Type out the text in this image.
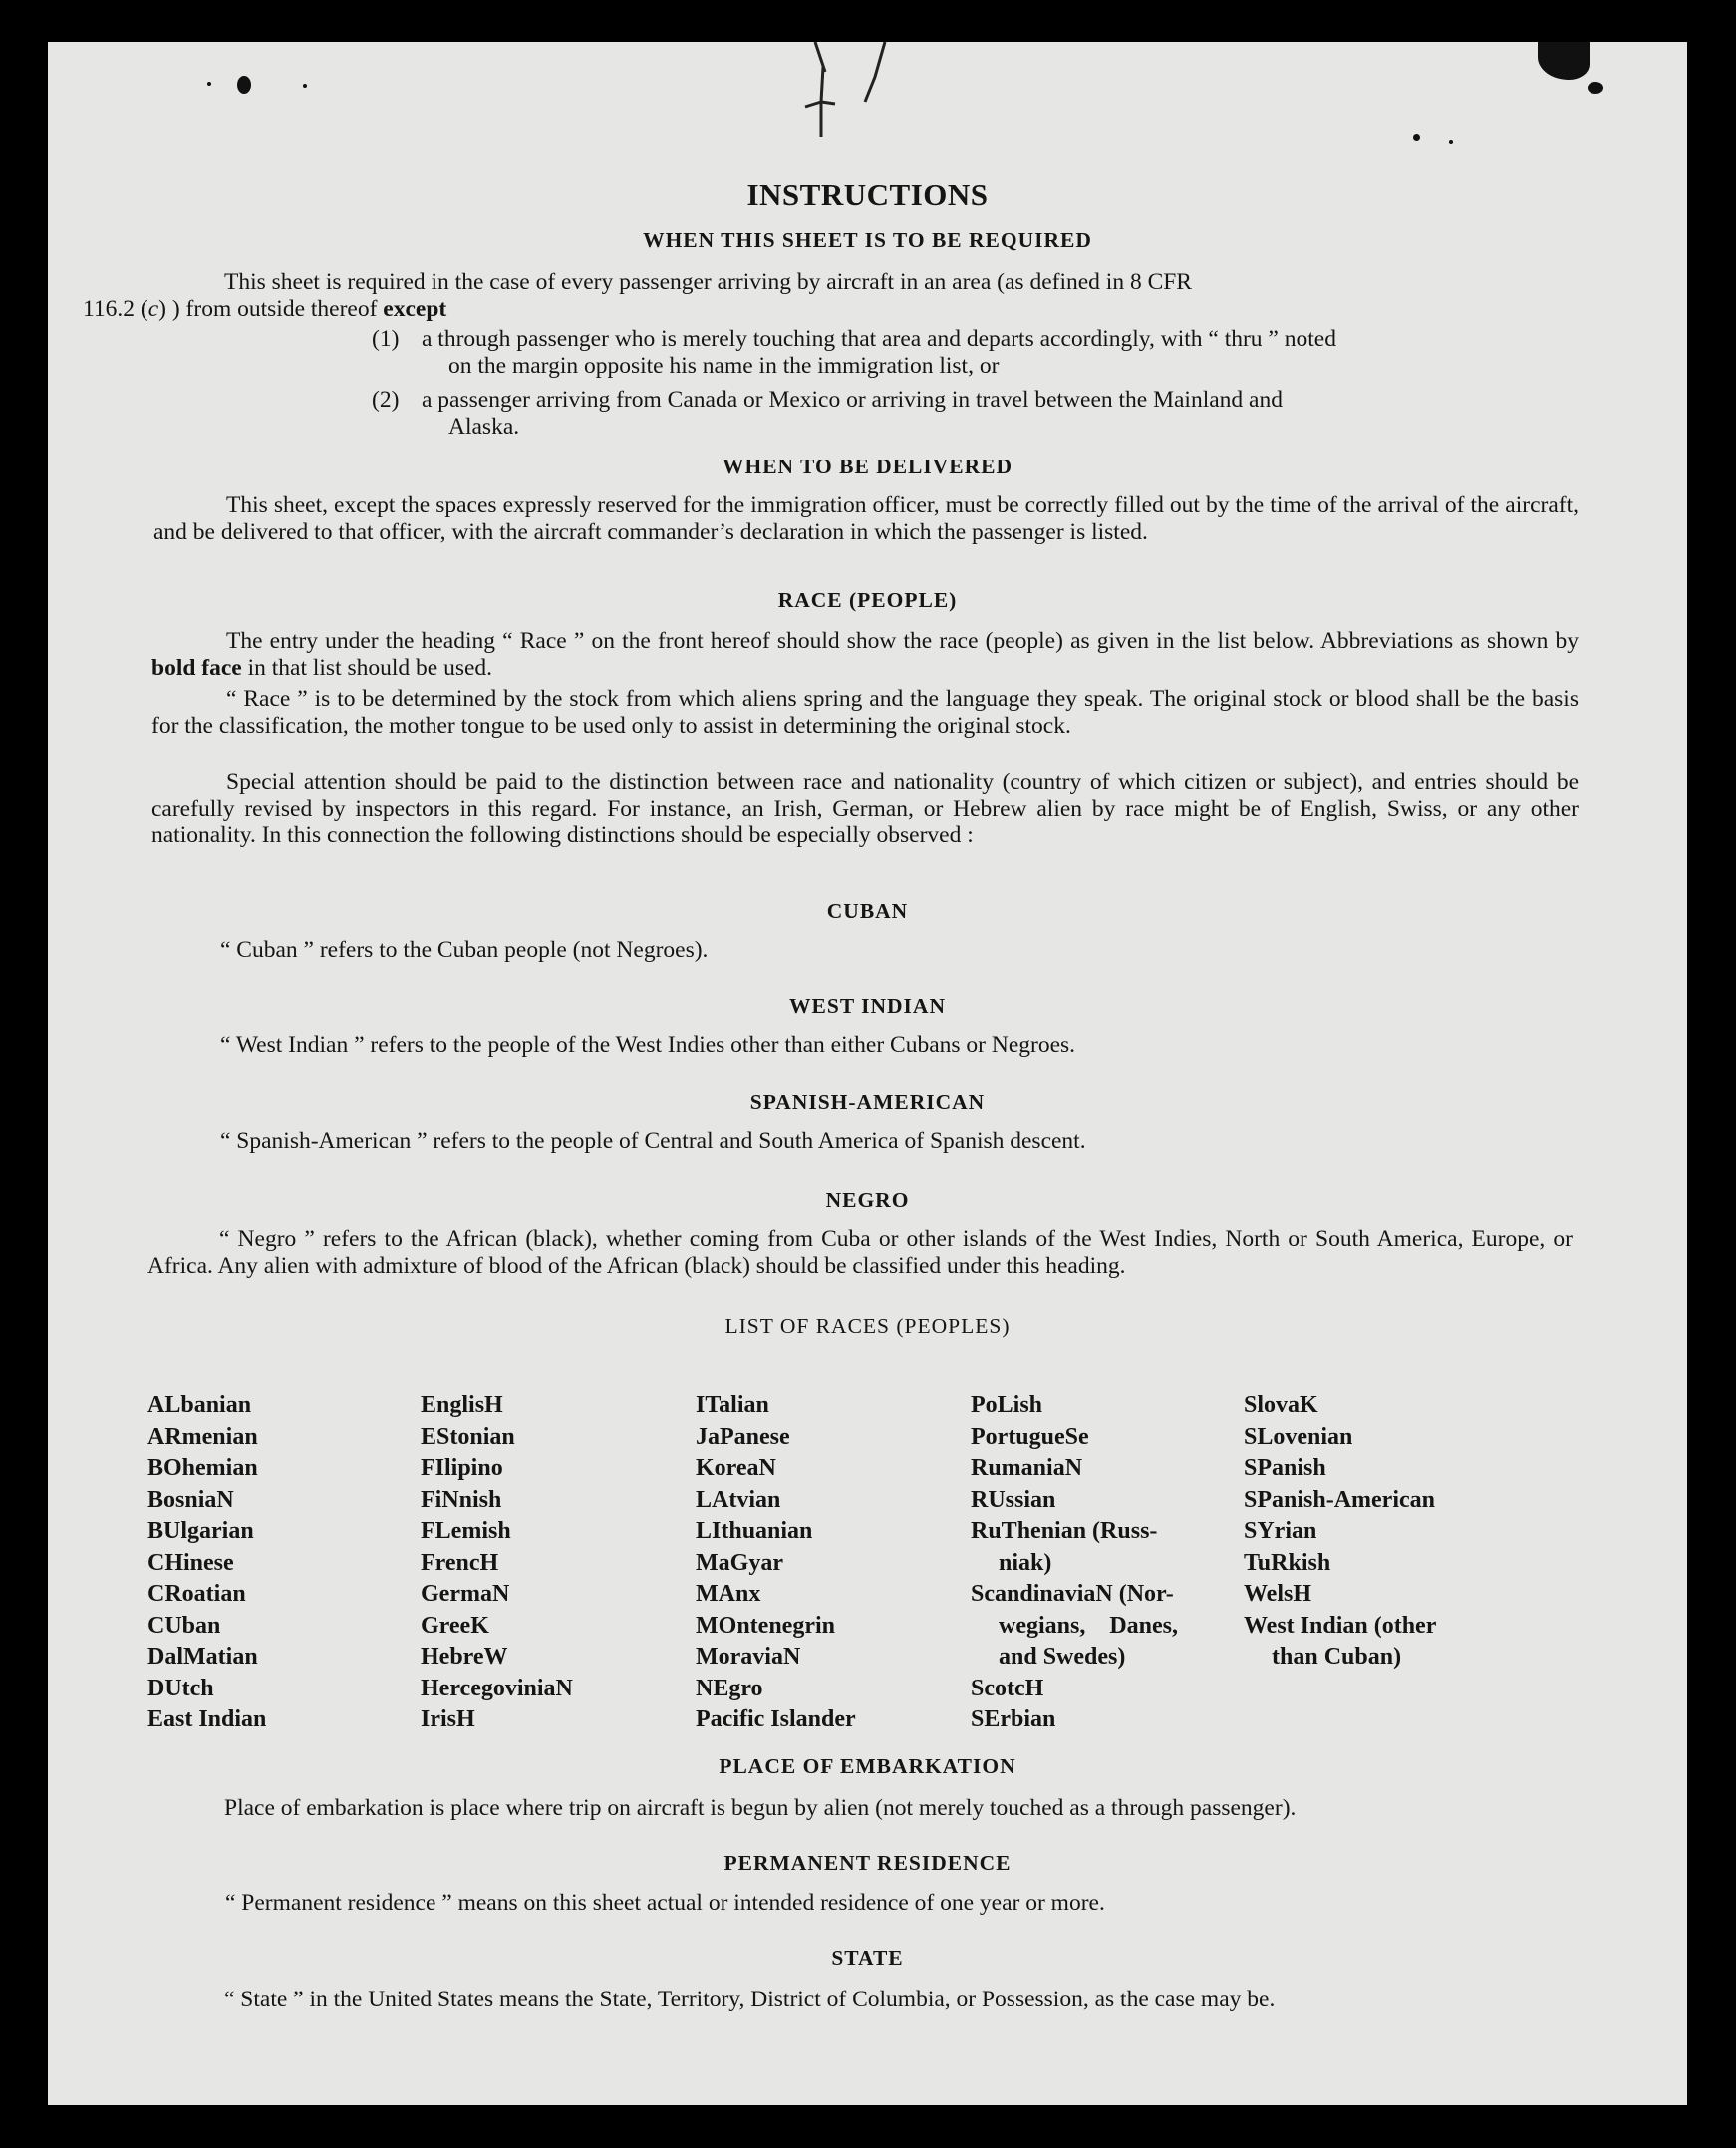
INSTRUCTIONS
WHEN THIS SHEET IS TO BE REQUIRED
This sheet is required in the case of every passenger arriving by aircraft in an area (as defined in 8 CFR
116.2 (c) ) from outside thereof except
(1) a through passenger who is merely touching that area and departs accordingly, with “ thru ” noted
on the margin opposite his name in the immigration list, or
(2) a passenger arriving from Canada or Mexico or arriving in travel between the Mainland and
Alaska.
WHEN TO BE DELIVERED
This sheet, except the spaces expressly reserved for the immigration officer, must be correctly filled out by the time of the arrival of the aircraft, and be delivered to that officer, with the aircraft commander’s declaration in which the passenger is listed.
RACE (PEOPLE)
The entry under the heading “ Race ” on the front hereof should show the race (people) as given in the list below. Abbreviations as shown by bold face in that list should be used.
“ Race ” is to be determined by the stock from which aliens spring and the language they speak. The original stock or blood shall be the basis for the classification, the mother tongue to be used only to assist in determining the original stock.
Special attention should be paid to the distinction between race and nationality (country of which citizen or subject), and entries should be carefully revised by inspectors in this regard. For instance, an Irish, German, or Hebrew alien by race might be of English, Swiss, or any other nationality. In this connection the following distinctions should be especially observed :
CUBAN
“ Cuban ” refers to the Cuban people (not Negroes).
WEST INDIAN
“ West Indian ” refers to the people of the West Indies other than either Cubans or Negroes.
SPANISH-AMERICAN
“ Spanish-American ” refers to the people of Central and South America of Spanish descent.
NEGRO
“ Negro ” refers to the African (black), whether coming from Cuba or other islands of the West Indies, North or South America, Europe, or Africa. Any alien with admixture of blood of the African (black) should be classified under this heading.
LIST OF RACES (PEOPLES)
ALbanian
ARmenian
BOhemian
BosniaN
BUlgarian
CHinese
CRoatian
CUban
DalMatian
DUtch
East Indian
EnglisH
EStonian
FIlipino
FiNnish
FLemish
FrencH
GermaN
GreeK
HebreW
HercegoviniaN
IrisH
ITalian
JaPanese
KoreaN
LAtvian
LIthuanian
MaGyar
MAnx
MOntenegrin
MoraviaN
NEgro
Pacific Islander
PoLish
PortugueSe
RumaniaN
RUssian
RuThenian (Russ-
niak)
ScandinaviaN (Nor-
wegians,    Danes,
and Swedes)
ScotcH
SErbian
SlovaK
SLovenian
SPanish
SPanish-American
SYrian
TuRkish
WelsH
West Indian (other
than Cuban)
PLACE OF EMBARKATION
Place of embarkation is place where trip on aircraft is begun by alien (not merely touched as a through passenger).
PERMANENT RESIDENCE
“ Permanent residence ” means on this sheet actual or intended residence of one year or more.
STATE
“ State ” in the United States means the State, Territory, District of Columbia, or Possession, as the case may be.
